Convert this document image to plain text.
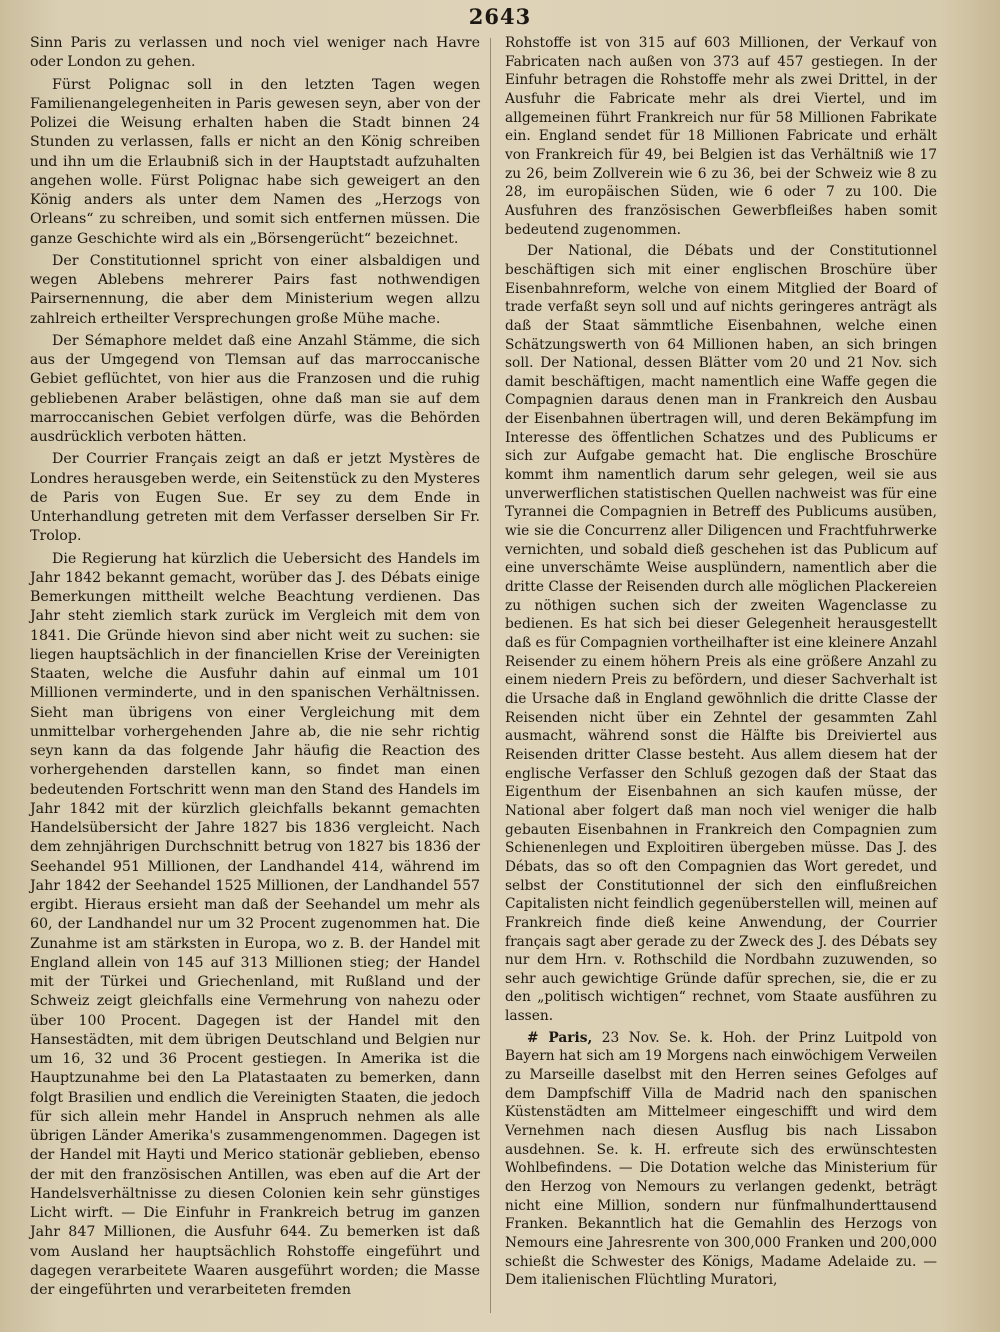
2643

Sinn Paris zu verlassen und noch viel weniger nach Havre oder London zu gehen.

Fürst Polignac soll in den letzten Tagen wegen Familienangelegenheiten in Paris gewesen seyn, aber von der Polizei die Weisung erhalten haben die Stadt binnen 24 Stunden zu verlassen, falls er nicht an den König schreiben und ihn um die Erlaubniß sich in der Hauptstadt aufzuhalten angehen wolle. Fürst Polignac habe sich geweigert an den König anders als unter dem Namen des „Herzogs von Orleans“ zu schreiben, und somit sich entfernen müssen. Die ganze Geschichte wird als ein „Börsengerücht“ bezeichnet.

Der Constitutionnel spricht von einer alsbaldigen und wegen Ablebens mehrerer Pairs fast nothwendigen Pairsernennung, die aber dem Ministerium wegen allzu zahlreich ertheilter Versprechungen große Mühe mache.

Der Sémaphore meldet daß eine Anzahl Stämme, die sich aus der Umgegend von Tlemsan auf das marroccanische Gebiet geflüchtet, von hier aus die Franzosen und die ruhig gebliebenen Araber belästigen, ohne daß man sie auf dem marroccanischen Gebiet verfolgen dürfe, was die Behörden ausdrücklich verboten hätten.

Der Courrier Français zeigt an daß er jetzt Mystères de Londres herausgeben werde, ein Seitenstück zu den Mysteres de Paris von Eugen Sue. Er sey zu dem Ende in Unterhandlung getreten mit dem Verfasser derselben Sir Fr. Trolop.

Die Regierung hat kürzlich die Uebersicht des Handels im Jahr 1842 bekannt gemacht, worüber das J. des Débats einige Bemerkungen mittheilt welche Beachtung verdienen. Das Jahr steht ziemlich stark zurück im Vergleich mit dem von 1841. Die Gründe hievon sind aber nicht weit zu suchen: sie liegen hauptsächlich in der financiellen Krise der Vereinigten Staaten, welche die Ausfuhr dahin auf einmal um 101 Millionen verminderte, und in den spanischen Verhältnissen. Sieht man übrigens von einer Vergleichung mit dem unmittelbar vorhergehenden Jahre ab, die nie sehr richtig seyn kann da das folgende Jahr häufig die Reaction des vorhergehenden darstellen kann, so findet man einen bedeutenden Fortschritt wenn man den Stand des Handels im Jahr 1842 mit der kürzlich gleichfalls bekannt gemachten Handelsübersicht der Jahre 1827 bis 1836 vergleicht. Nach dem zehnjährigen Durchschnitt betrug von 1827 bis 1836 der Seehandel 951 Millionen, der Landhandel 414, während im Jahr 1842 der Seehandel 1525 Millionen, der Landhandel 557 ergibt. Hieraus ersieht man daß der Seehandel um mehr als 60, der Landhandel nur um 32 Procent zugenommen hat. Die Zunahme ist am stärksten in Europa, wo z. B. der Handel mit England allein von 145 auf 313 Millionen stieg; der Handel mit der Türkei und Griechenland, mit Rußland und der Schweiz zeigt gleichfalls eine Vermehrung von nahezu oder über 100 Procent. Dagegen ist der Handel mit den Hansestädten, mit dem übrigen Deutschland und Belgien nur um 16, 32 und 36 Procent gestiegen. In Amerika ist die Hauptzunahme bei den La Platastaaten zu bemerken, dann folgt Brasilien und endlich die Vereinigten Staaten, die jedoch für sich allein mehr Handel in Anspruch nehmen als alle übrigen Länder Amerika's zusammengenommen. Dagegen ist der Handel mit Hayti und Merico stationär geblieben, ebenso der mit den französischen Antillen, was eben auf die Art der Handelsverhältnisse zu diesen Colonien kein sehr günstiges Licht wirft. — Die Einfuhr in Frankreich betrug im ganzen Jahr 847 Millionen, die Ausfuhr 644. Zu bemerken ist daß vom Ausland her hauptsächlich Rohstoffe eingeführt und dagegen verarbeitete Waaren ausgeführt worden; die Masse der eingeführten und verarbeiteten fremden

Rohstoffe ist von 315 auf 603 Millionen, der Verkauf von Fabricaten nach außen von 373 auf 457 gestiegen. In der Einfuhr betragen die Rohstoffe mehr als zwei Drittel, in der Ausfuhr die Fabricate mehr als drei Viertel, und im allgemeinen führt Frankreich nur für 58 Millionen Fabrikate ein. England sendet für 18 Millionen Fabricate und erhält von Frankreich für 49, bei Belgien ist das Verhältniß wie 17 zu 26, beim Zollverein wie 6 zu 36, bei der Schweiz wie 8 zu 28, im europäischen Süden, wie 6 oder 7 zu 100. Die Ausfuhren des französischen Gewerbfleißes haben somit bedeutend zugenommen.

Der National, die Débats und der Constitutionnel beschäftigen sich mit einer englischen Broschüre über Eisenbahnreform, welche von einem Mitglied der Board of trade verfaßt seyn soll und auf nichts geringeres anträgt als daß der Staat sämmtliche Eisenbahnen, welche einen Schätzungswerth von 64 Millionen haben, an sich bringen soll. Der National, dessen Blätter vom 20 und 21 Nov. sich damit beschäftigen, macht namentlich eine Waffe gegen die Compagnien daraus denen man in Frankreich den Ausbau der Eisenbahnen übertragen will, und deren Bekämpfung im Interesse des öffentlichen Schatzes und des Publicums er sich zur Aufgabe gemacht hat. Die englische Broschüre kommt ihm namentlich darum sehr gelegen, weil sie aus unverwerflichen statistischen Quellen nachweist was für eine Tyrannei die Compagnien in Betreff des Publicums ausüben, wie sie die Concurrenz aller Diligencen und Frachtfuhrwerke vernichten, und sobald dieß geschehen ist das Publicum auf eine unverschämte Weise ausplündern, namentlich aber die dritte Classe der Reisenden durch alle möglichen Plackereien zu nöthigen suchen sich der zweiten Wagenclasse zu bedienen. Es hat sich bei dieser Gelegenheit herausgestellt daß es für Compagnien vortheilhafter ist eine kleinere Anzahl Reisender zu einem höhern Preis als eine größere Anzahl zu einem niedern Preis zu befördern, und dieser Sachverhalt ist die Ursache daß in England gewöhnlich die dritte Classe der Reisenden nicht über ein Zehntel der gesammten Zahl ausmacht, während sonst die Hälfte bis Dreiviertel aus Reisenden dritter Classe besteht. Aus allem diesem hat der englische Verfasser den Schluß gezogen daß der Staat das Eigenthum der Eisenbahnen an sich kaufen müsse, der National aber folgert daß man noch viel weniger die halb gebauten Eisenbahnen in Frankreich den Compagnien zum Schienenlegen und Exploitiren übergeben müsse. Das J. des Débats, das so oft den Compagnien das Wort geredet, und selbst der Constitutionnel der sich den einflußreichen Capitalisten nicht feindlich gegenüberstellen will, meinen auf Frankreich finde dieß keine Anwendung, der Courrier français sagt aber gerade zu der Zweck des J. des Débats sey nur dem Hrn. v. Rothschild die Nordbahn zuzuwenden, so sehr auch gewichtige Gründe dafür sprechen, sie, die er zu den „politisch wichtigen“ rechnet, vom Staate ausführen zu lassen.

# Paris, 23 Nov. Se. k. Hoh. der Prinz Luitpold von Bayern hat sich am 19 Morgens nach einwöchigem Verweilen zu Marseille daselbst mit den Herren seines Gefolges auf dem Dampfschiff Villa de Madrid nach den spanischen Küstenstädten am Mittelmeer eingeschifft und wird dem Vernehmen nach diesen Ausflug bis nach Lissabon ausdehnen. Se. k. H. erfreute sich des erwünschtesten Wohlbefindens. — Die Dotation welche das Ministerium für den Herzog von Nemours zu verlangen gedenkt, beträgt nicht eine Million, sondern nur fünfmalhunderttausend Franken. Bekanntlich hat die Gemahlin des Herzogs von Nemours eine Jahresrente von 300,000 Franken und 200,000 schießt die Schwester des Königs, Madame Adelaide zu. — Dem italienischen Flüchtling Muratori,
